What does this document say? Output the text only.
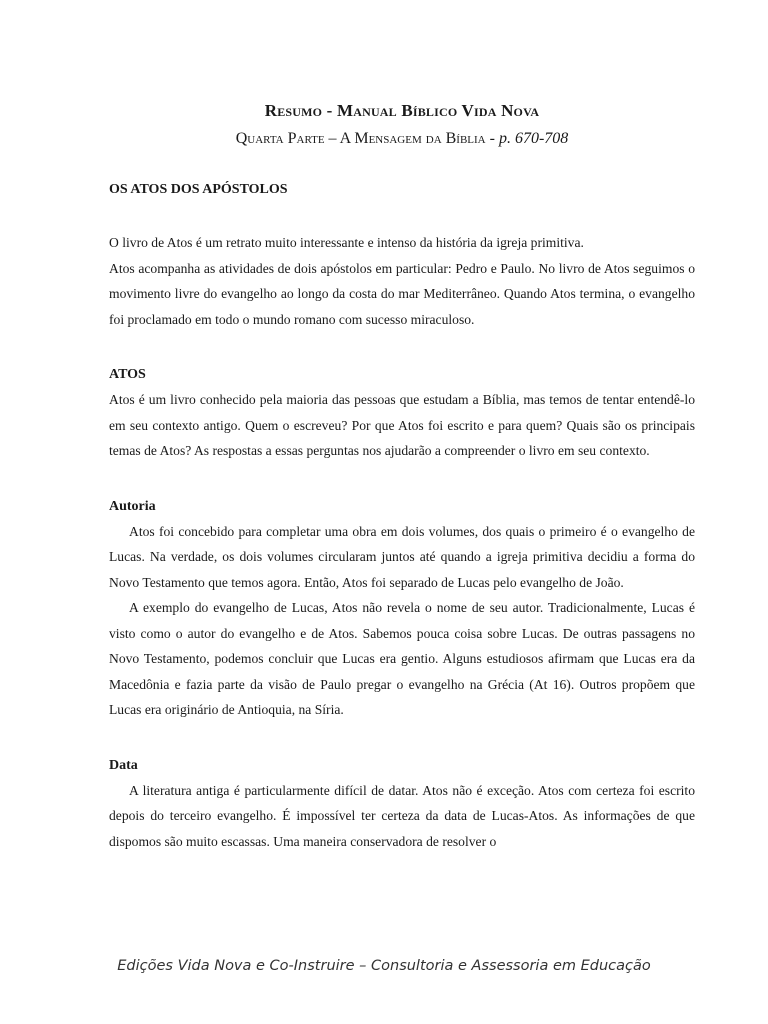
Resumo - Manual Bíblico Vida Nova
Quarta Parte – A Mensagem da Bíblia - p. 670-708
OS ATOS DOS APÓSTOLOS

O livro de Atos é um retrato muito interessante e intenso da história da igreja primitiva.

Atos acompanha as atividades de dois apóstolos em particular: Pedro e Paulo. No livro de Atos seguimos o movimento livre do evangelho ao longo da costa do mar Mediterrâneo. Quando Atos termina, o evangelho foi proclamado em todo o mundo romano com sucesso miraculoso.

ATOS

Atos é um livro conhecido pela maioria das pessoas que estudam a Bíblia, mas temos de tentar entendê-lo em seu contexto antigo. Quem o escreveu? Por que Atos foi escrito e para quem? Quais são os principais temas de Atos? As respostas a essas perguntas nos ajudarão a compreender o livro em seu contexto.

Autoria

Atos foi concebido para completar uma obra em dois volumes, dos quais o primeiro é o evangelho de Lucas. Na verdade, os dois volumes circularam juntos até quando a igreja primitiva decidiu a forma do Novo Testamento que temos agora. Então, Atos foi separado de Lucas pelo evangelho de João.

A exemplo do evangelho de Lucas, Atos não revela o nome de seu autor. Tradicionalmente, Lucas é visto como o autor do evangelho e de Atos. Sabemos pouca coisa sobre Lucas. De outras passagens no Novo Testamento, podemos concluir que Lucas era gentio. Alguns estudiosos afirmam que Lucas era da Macedônia e fazia parte da visão de Paulo pregar o evangelho na Grécia (At 16). Outros propõem que Lucas era originário de Antioquia, na Síria.

Data

A literatura antiga é particularmente difícil de datar. Atos não é exceção. Atos com certeza foi escrito depois do terceiro evangelho. É impossível ter certeza da data de Lucas-Atos. As informações de que dispomos são muito escassas. Uma maneira conservadora de resolver o

Edições Vida Nova e Co-Instruire – Consultoria e Assessoria em Educação
